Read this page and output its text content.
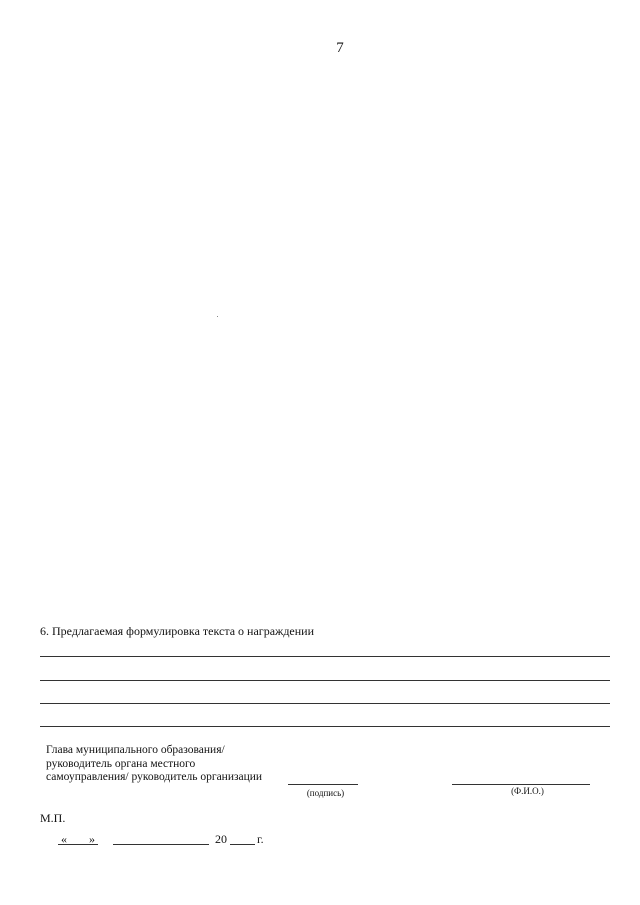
7
6. Предлагаемая формулировка текста о награждении
Глава муниципального образования/
руководитель органа местного
самоуправления/ руководитель организации
(подпись)	(Ф.И.О.)
М.П.
« »	20	г.
